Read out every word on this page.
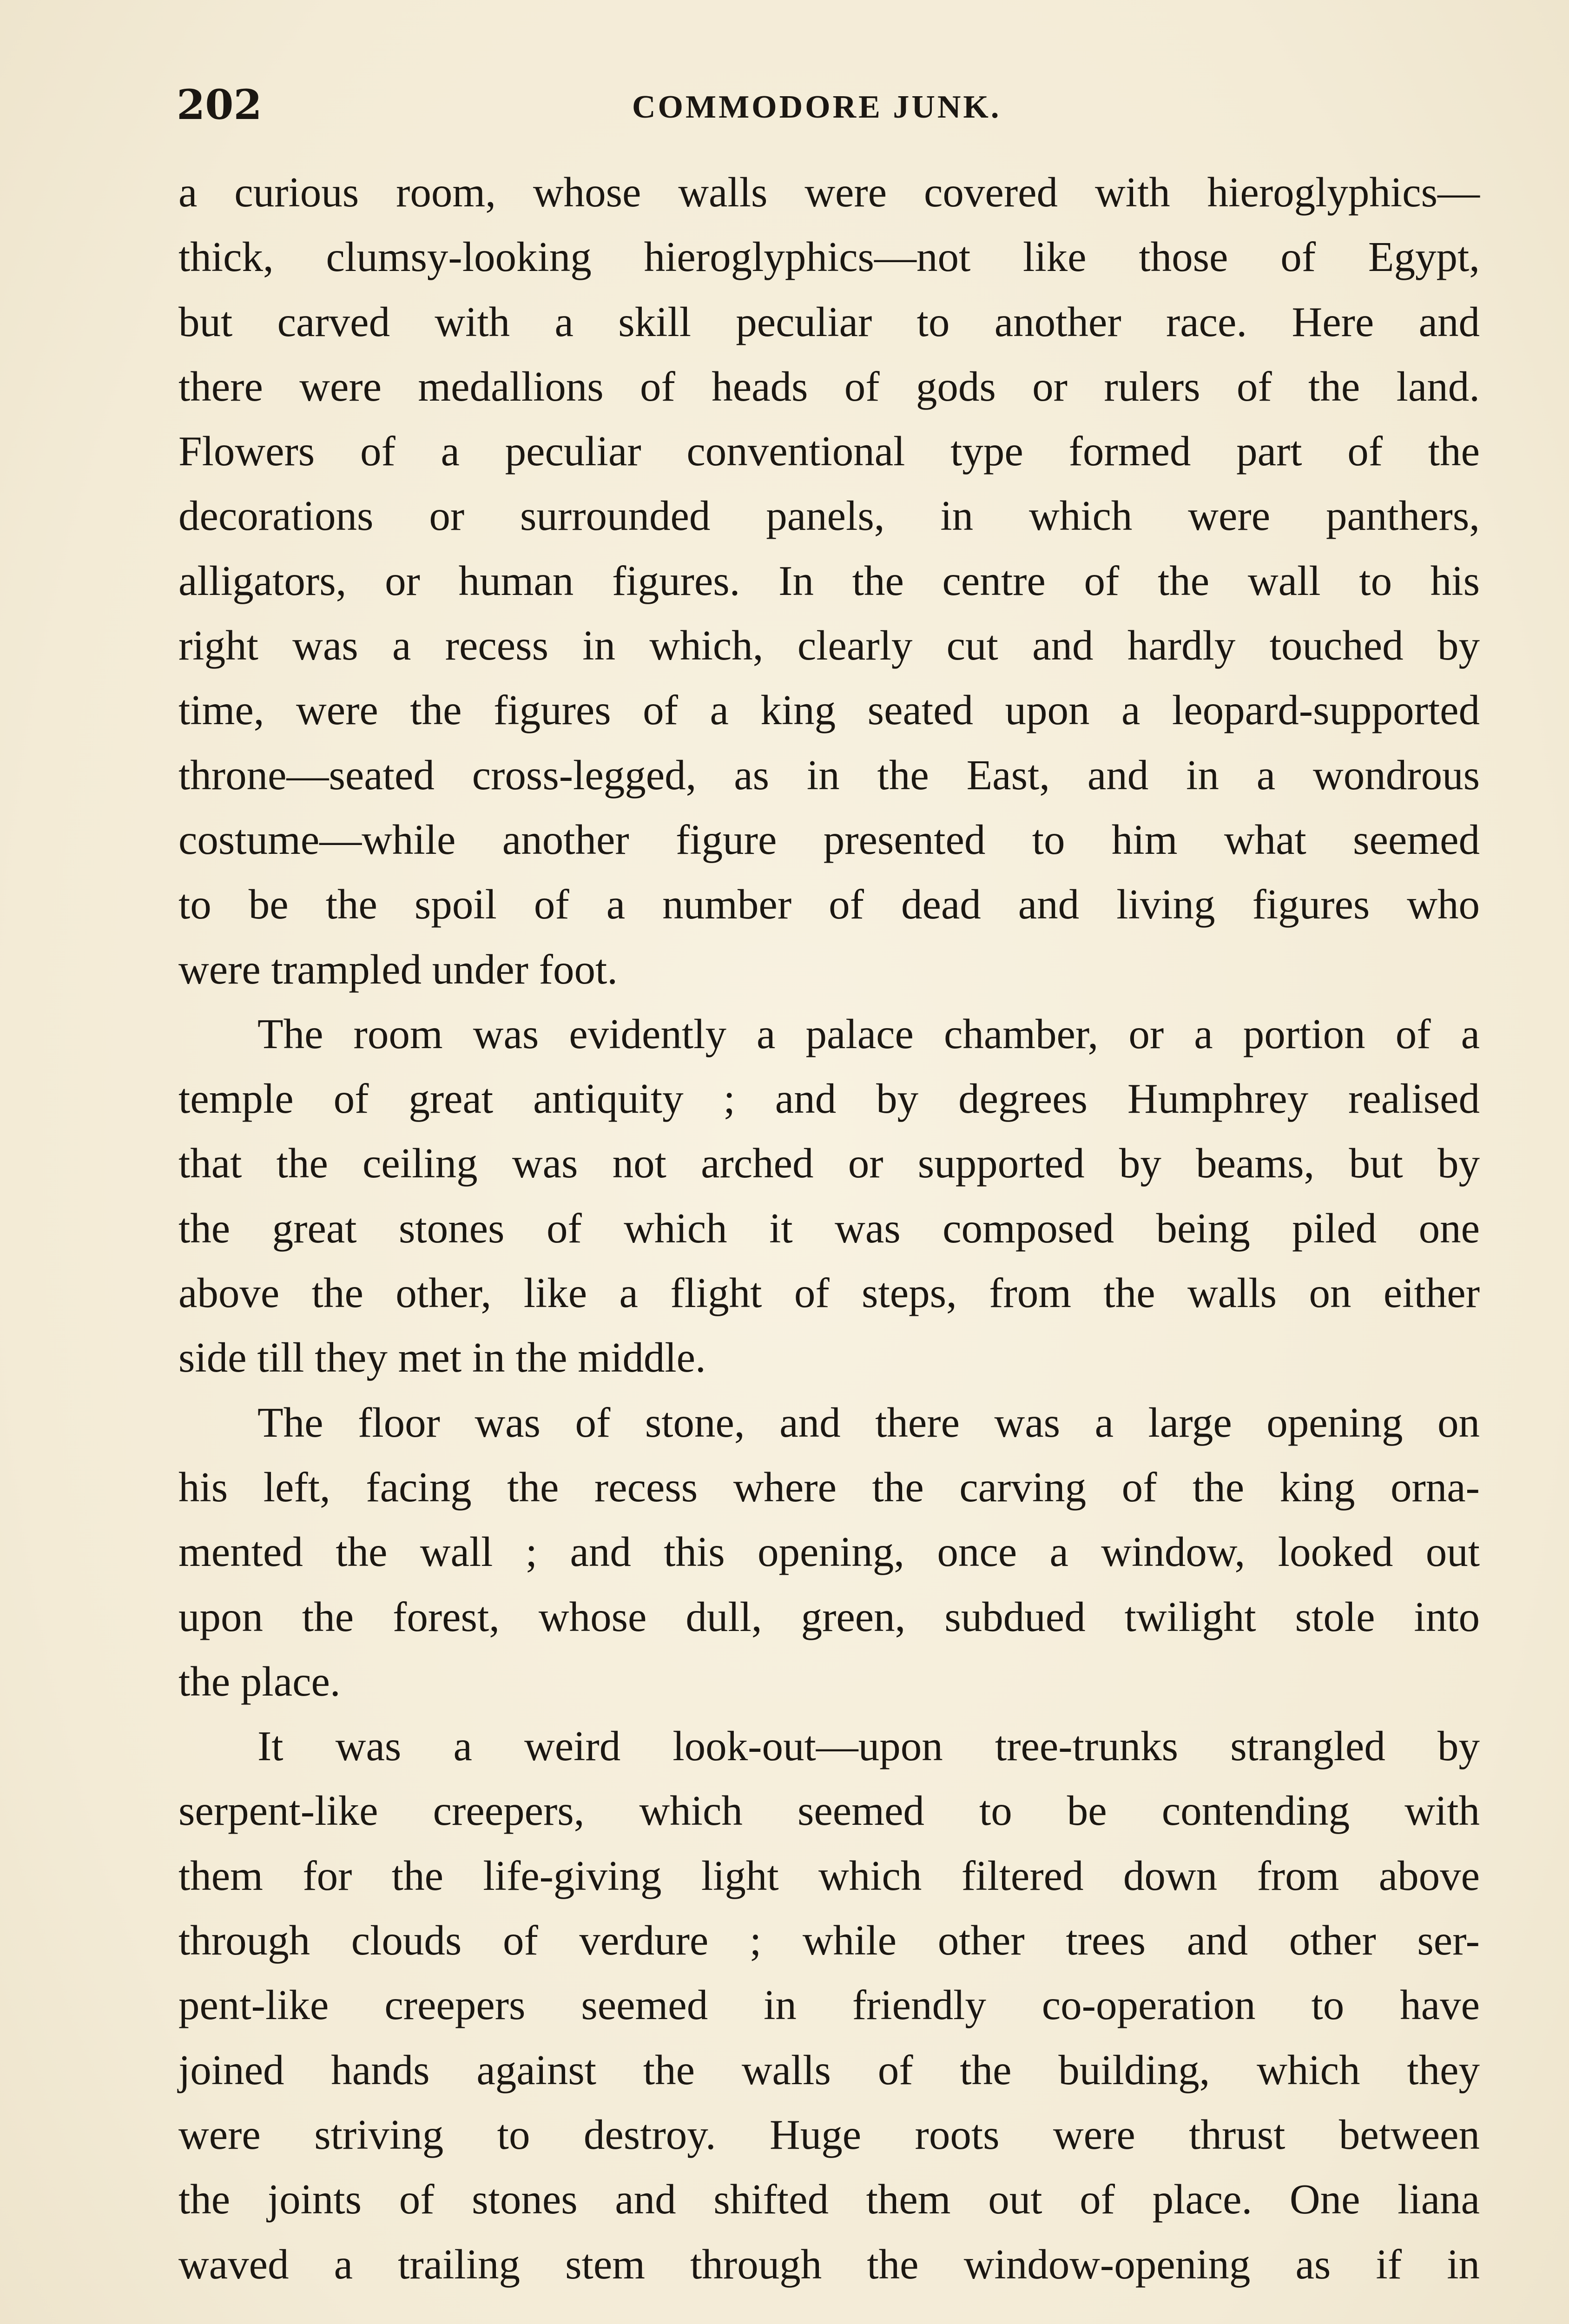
202	COMMODORE JUNK.
a curious room, whose walls were covered with hieroglyphics—
thick, clumsy-looking hieroglyphics—not like those of Egypt,
but carved with a skill peculiar to another race. Here and
there were medallions of heads of gods or rulers of the land.
Flowers of a peculiar conventional type formed part of the
decorations or surrounded panels, in which were panthers,
alligators, or human figures. In the centre of the wall to his
right was a recess in which, clearly cut and hardly touched by
time, were the figures of a king seated upon a leopard-supported
throne—seated cross-legged, as in the East, and in a wondrous
costume—while another figure presented to him what seemed
to be the spoil of a number of dead and living figures who
were trampled under foot.
The room was evidently a palace chamber, or a portion of a
temple of great antiquity ; and by degrees Humphrey realised
that the ceiling was not arched or supported by beams, but by
the great stones of which it was composed being piled one
above the other, like a flight of steps, from the walls on either
side till they met in the middle.
The floor was of stone, and there was a large opening on
his left, facing the recess where the carving of the king orna-
mented the wall ; and this opening, once a window, looked out
upon the forest, whose dull, green, subdued twilight stole into
the place.
It was a weird look-out—upon tree-trunks strangled by
serpent-like creepers, which seemed to be contending with
them for the life-giving light which filtered down from above
through clouds of verdure ; while other trees and other ser-
pent-like creepers seemed in friendly co-operation to have
joined hands against the walls of the building, which they
were striving to destroy. Huge roots were thrust between
the joints of stones and shifted them out of place. One liana
waved a trailing stem through the window-opening as if in
